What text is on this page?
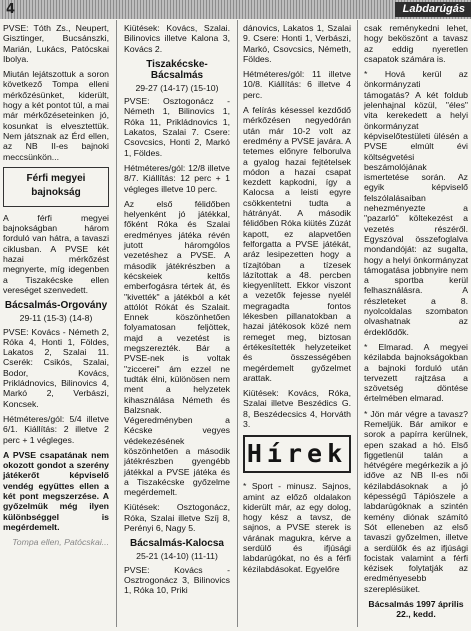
4	Labdarúgás

PVSE: Tóth Zs., Neupert, Gisztinger, Bucsánszki, Marián, Lukács, Patócskai Ibolya.

Miután lejátszottuk a soron következő Tompa elleni mérkőzésünket, kiderült, hogy a két pontot túl, a mai már mérkőzéseteinken jó, kosunkat is elvesztettük. Nem játsznak az Érd ellen, az NB II-es bajnoki meccsünkön...

Férfi megyei bajnokság

A férfi megyei bajnokságban három forduló van hátra, a tavaszi ciklusban. A PVSE két hazai mérkőzést megnyerte, míg idegenben a Tiszakécske ellen vereséget szenvedett.

Bácsalmás-Orgovány
29-11 (15-3) (14-8)

PVSE: Kovács - Németh 2, Róka 4, Honti 1, Földes, Lakatos 2, Szalai 11. Cserék: Csikós, Szalai, Bodor, Kovács, Prikládnovics, Bilinovics 4, Markó 2, Verbászi, Koncsek.

Hétméteres/gól: 5/4 illetve 6/1. Kiállítás: 2 illetve 2 perc + 1 végleges.

A PVSE csapatának nem okozott gondot a szerény játékerőt képviselő vendég együttes ellen a két pont megszerzése. A győzelmük még ilyen különbséggel is megérdemelt.

Tompa ellen, Patócskai...

Kiütések: Kovács, Szalai. Bilinovics illetve Kalona 3, Kovács 2.

Tiszakécske-Bácsalmás
29-27 (14-17) (15-10)

PVSE: Osztogonácz - Németh 1, Bilinovics 1, Róka 11, Prikládnovics 1, Lakatos, Szalai 7. Csere: Csovcsics, Honti 2, Markó 1, Földes.

Hétméteres/gól: 12/8 illetve 8/7. Kiállítás: 12 perc + 1 végleges illetve 10 perc.

Az első félidőben helyenként jó játékkal, főként Róka és Szalai eredményes játéka révén jutott háromgólos vezetéshez a PVSE. A második játékrészben a kécskeiek keltős emberfogásra tértek át, és "kivették" a játékból a két attólót Rókát és Szalait. Ennek köszönhetően folyamatosan feljöttek, majd a vezetést is megszerezték. Bár a PVSE-nek is voltak "ziccerei" ám ezzel ne tudták élni, különösen nem ment a helyzetek kihasználása Németh és Balzsnak. Végeredményben a Kécske vegyes védekezésének köszönhetően a második játékrészben gyengébb játékkal a PVSE játéka és a Tiszakécske győzelme megérdemelt.

Kiütések: Osztogonácz, Róka, Szalai illetve Szíj 8, Perényi 6, Nagy 5.

Bácsalmás-Kalocsa
25-21 (14-10) (11-11)

PVSE: Kovács - Osztrogonácz 3, Bilinovics 1, Róka 10, Priki

dánovics, Lakatos 1, Szalai 9. Csere: Honti 1, Verbászi, Markó, Csovcsics, Németh, Földes.

Hétméteres/gól: 11 illetve 10/8. Kiállítás: 6 illetve 4 perc.

A felírás késessel kezdődő mérkőzésen negyedórán után már 10-2 volt az eredmény a PVSE javára. A tetemes előnyre felborulva a gyalog hazai fejtételsek módon a hazai csapat kezdett kapkodni, így a Kalocsa a leisti egyre csökkentetni tudta a hátrányát. A második félidőben Róka kiütés Zúzát kapott, ez alapvetően felforgatta a PVSE játékát, aráz lesipezetten hogy a tízajtóban a tízesek lázítottak a 48. percben kiegyenlített. Ekkor viszont a vezetők fejesse nyelél megragadta fontos lékesben pillanatokban a hazai játékosok közé nem remeget meg, biztosan értékesítették helyzeteiket és összességében megérdemelt győzelmet arattak.

Kiütések: Kovács, Róka, Szalai illetve Beszédics G. 8, Beszédecsics 4, Horváth 3.

Hírek

* Sport - minusz. Sajnos, amint az előző oldalakon kiderült már, az egy dolog, hogy kész a tavsz, de sajnos, a PVSE sterek is várának magukra, kérve a serdülő és ifjúsági labdarúgókat, no és a férfi kézilabdásokat. Egyelőre

csak reménykedni lehet, hogy beköszönt a tavasz az eddig nyeretlen csapatok számára is.

* Hová kerül az önkormányzati támogatás? A két foldub jelenhajnal közül, "éles" vita kerekedett a helyi önkormányzat képviselőtestületi ülésén a PVSE elmúlt évi költségvetési beszámolójának ismertetése során. Az egyik képviselő felszólalásaiban nehezményezte a "pazarló" költekezést a vezetés részéről. Egyszóval összefoglalva mondandóját: az sugalta, hogy a helyi önkormányzat támogatása jobbnyire nem a sportba kerül felhasználásra. A részleteket a 8. nyolcoldalas szombaton olvashatnak az érdeklődők.

* Elmarad. A megyei kézilabda bajnokságokban a bajnoki forduló után tervezett rajtzása a szövetség döntése értelmében elmarad.

* Jön már végre a tavasz? Remeljük. Bár amikor e sorok a papírra kerülnek, epen szakad a hó. Első figgetlenül talán a hétvégére megérkezik a jó időve az NB II-es női kézilabdásoknak a jó képességű Tápiószele a labdarúgóknak a szintén kemény diónak számító Sót elleneben az első tavaszi győzelmen, illetve a serdülők és az ifjúsági focistak valamint a férfi kézisek folytatják az eredményesebb szereplésüket.

Bácsalmás 1997 április 22., kedd.
